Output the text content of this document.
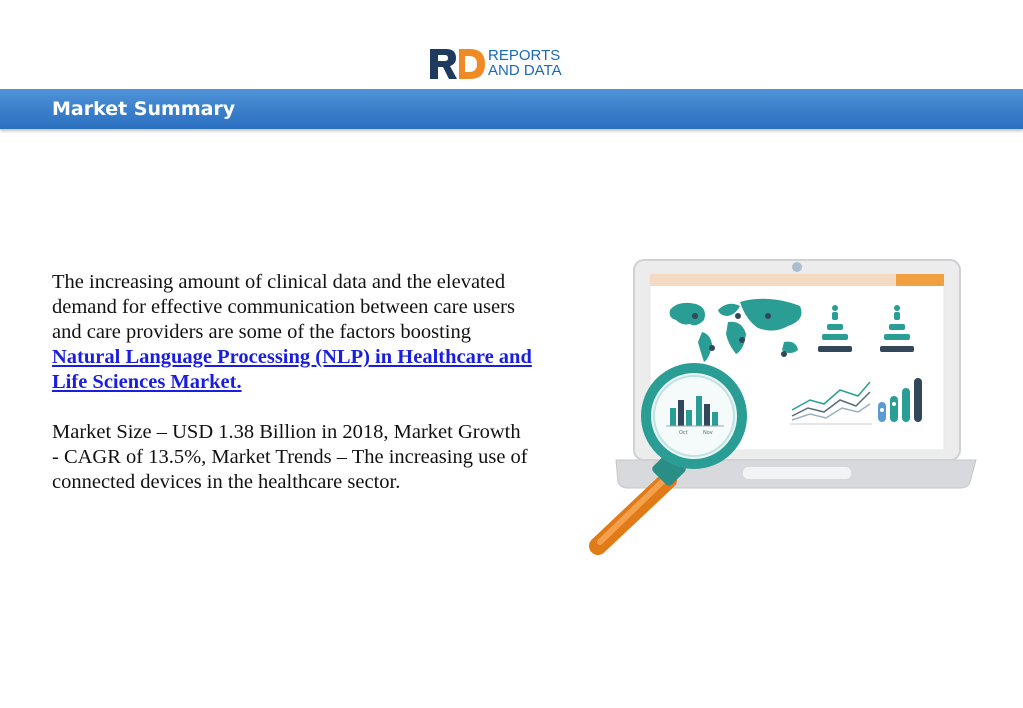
REPORTS
AND DATA
Market Summary

The increasing amount of clinical data and the elevated demand for effective communication between care users and care providers are some of the factors boosting Natural Language Processing (NLP) in Healthcare and Life Sciences Market.

Market Size – USD 1.38 Billion in 2018, Market Growth - CAGR of 13.5%, Market Trends – The increasing use of connected devices in the healthcare sector.

Oct	Nov
